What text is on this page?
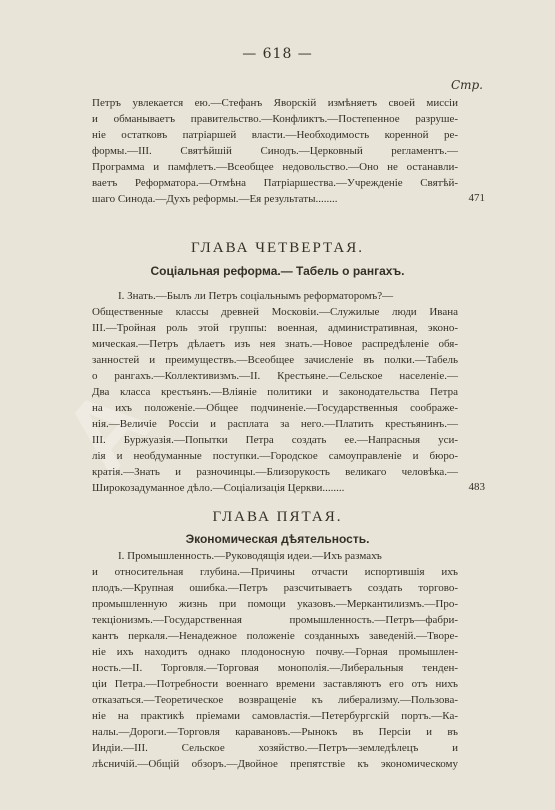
A
— 618 —
Стр.
Петръ увлекается ею.—Стефанъ Яворскій измѣняетъ своей миссіи
и обманываетъ правительство.—Конфликтъ.—Постепенное разруше-
ніе остатковъ патріаршей власти.—Необходимость коренной ре-
формы.—III. Святѣйшій Синодъ.—Церковный регламентъ.—
Программа и памфлетъ.—Всеобщее недовольство.—Оно не останавли-
ваетъ Реформатора.—Отмѣна Патріаршества.—Учрежденіе Святѣй-
шаго Синода.—Духъ реформы.—Ея результаты........	471
ГЛАВА ЧЕТВЕРТАЯ.
Соціальная реформа.— Табель о рангахъ.
I. Знать.—Былъ ли Петръ соціальнымъ реформаторомъ?—
Общественные классы древней Московіи.—Служилые люди Ивана
III.—Тройная роль этой группы: военная, административная, эконо-
мическая.—Петръ дѣлаетъ изъ нея знать.—Новое распредѣленіе обя-
занностей и преимуществъ.—Всеобщее зачисленіе въ полки.—Табель
о рангахъ.—Коллективизмъ.—II. Крестьяне.—Сельское населеніе.—
Два класса крестьянъ.—Вліяніе политики и законодательства Петра
на ихъ положеніе.—Общее подчиненіе.—Государственныя соображе-
нія.—Величіе Россіи и расплата за него.—Платить крестьянинъ.—
III. Буржуазія.—Попытки Петра создать ее.—Напрасныя уси-
лія и необдуманные поступки.—Городское самоуправленіе и бюро-
кратія.—Знать и разночинцы.—Близорукость великаго человѣка.—
Широкозадуманное дѣло.—Соціализація Церкви........	483
ГЛАВА ПЯТАЯ.
Экономическая дѣятельность.
I. Промышленность.—Руководящія идеи.—Ихъ размахъ
и относительная глубина.—Причины отчасти испортившія ихъ
плодъ.—Крупная ошибка.—Петръ разсчитываетъ создать торгово-
промышленную жизнь при помощи указовъ.—Меркантилизмъ.—Про-
текціонизмъ.—Государственная промышленность.—Петръ—фабри-
кантъ перкаля.—Ненадежное положеніе созданныхъ заведеній.—Творе-
ніе ихъ находитъ однако плодоносную почву.—Горная промышлен-
ность.—II. Торговля.—Торговая монополія.—Либеральныя тенден-
ціи Петра.—Потребности военнаго времени заставляютъ его отъ нихъ
отказаться.—Теоретическое возвращеніе къ либерализму.—Пользова-
ніе на практикѣ пріемами самовластія.—Петербургскій портъ.—Ка-
налы.—Дороги.—Торговля каравановъ.—Рынокъ въ Персіи и въ
Индіи.—III. Сельское хозяйство.—Петръ—земледѣлецъ и
лѣсничій.—Общій обзоръ.—Двойное препятствіе къ экономическому
